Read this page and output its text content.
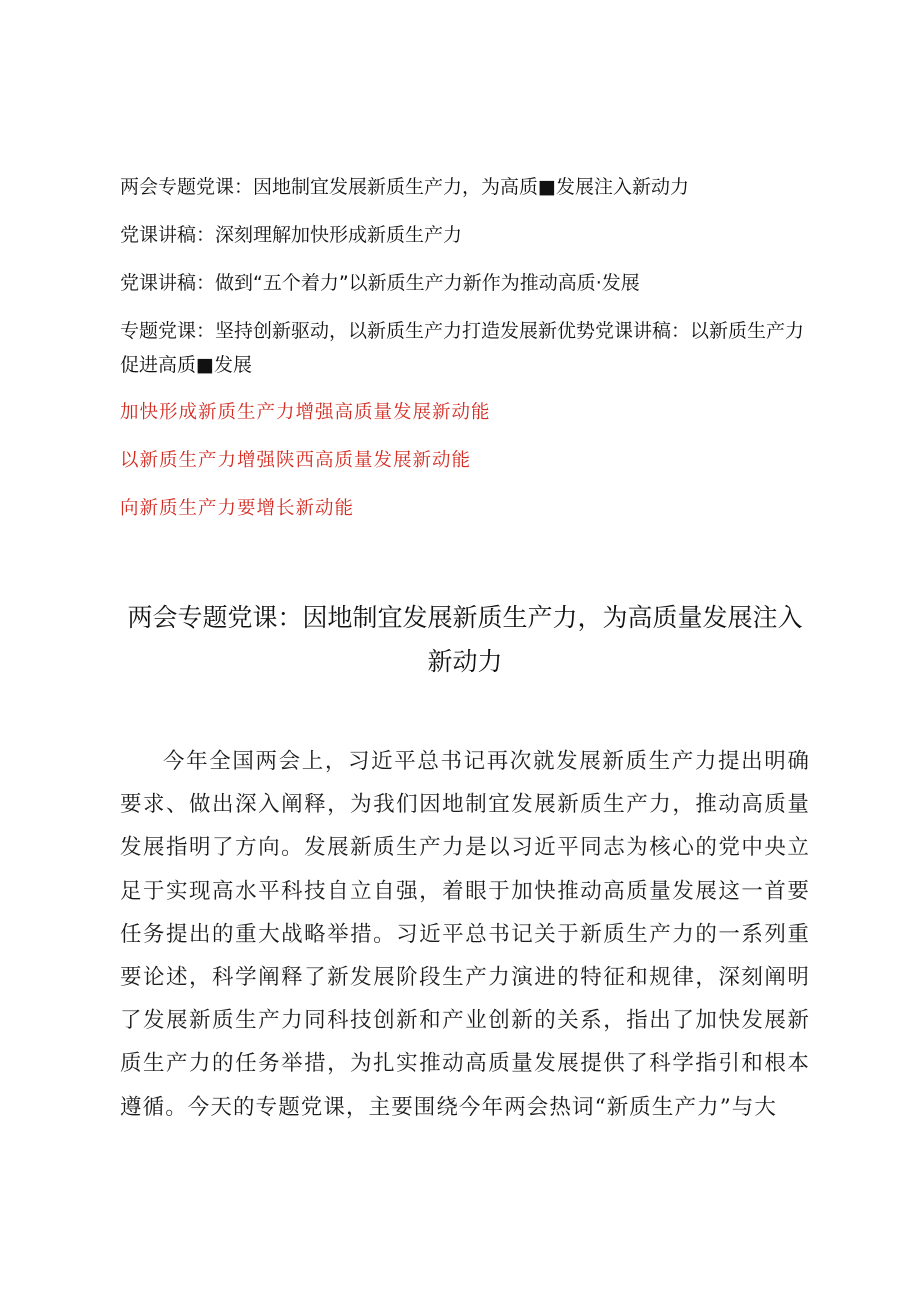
两会专题党课：因地制宜发展新质生产力，为高质■发展注入新动力

党课讲稿：深刻理解加快形成新质生产力

党课讲稿：做到“五个着力”以新质生产力新作为推动高质·发展

专题党课：坚持创新驱动，以新质生产力打造发展新优势党课讲稿：以新质生产力促进高质■发展

加快形成新质生产力增强高质量发展新动能

以新质生产力增强陕西高质量发展新动能

向新质生产力要增长新动能

两会专题党课：因地制宜发展新质生产力，为高质量发展注入新动力

今年全国两会上，习近平总书记再次就发展新质生产力提出明确要求、做出深入阐释，为我们因地制宜发展新质生产力，推动高质量发展指明了方向。发展新质生产力是以习近平同志为核心的党中央立足于实现高水平科技自立自强，着眼于加快推动高质量发展这一首要任务提出的重大战略举措。习近平总书记关于新质生产力的一系列重要论述，科学阐释了新发展阶段生产力演进的特征和规律，深刻阐明了发展新质生产力同科技创新和产业创新的关系，指出了加快发展新质生产力的任务举措，为扎实推动高质量发展提供了科学指引和根本遵循。今天的专题党课，主要围绕今年两会热词“新质生产力”与大
